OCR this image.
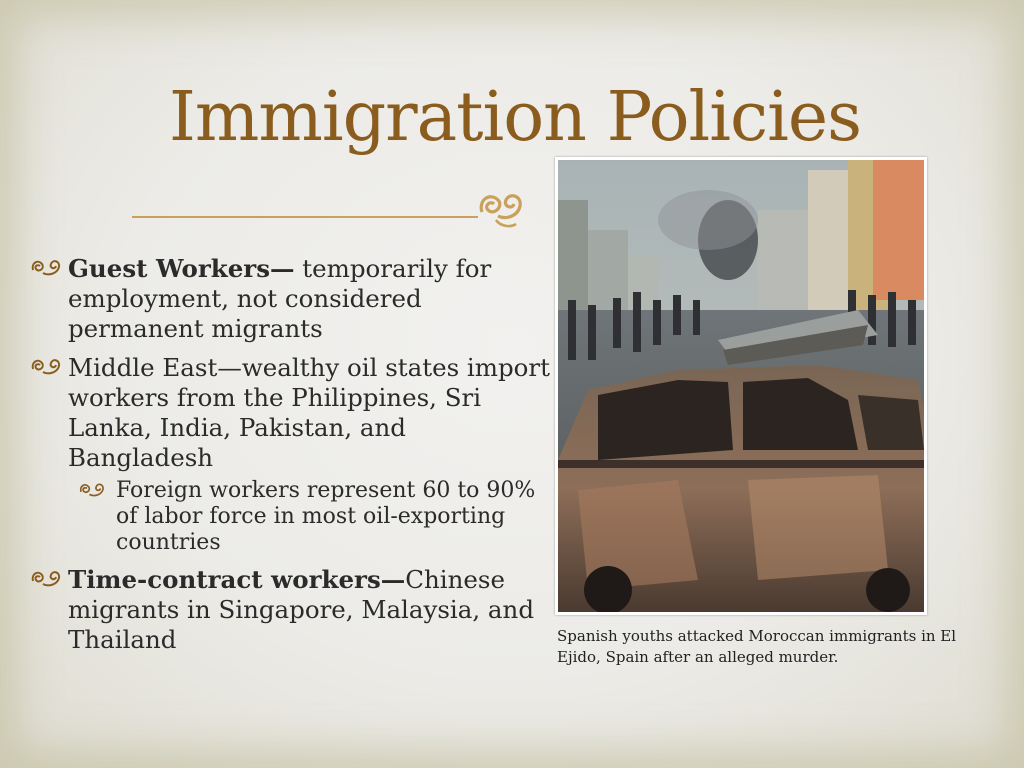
Immigration Policies
Guest Workers— temporarily for employment, not considered permanent migrants
Middle East—wealthy oil states import workers from the Philippines, Sri Lanka, India, Pakistan, and Bangladesh
Foreign workers represent 60 to 90% of labor force in most oil-exporting countries
Time-contract workers—Chinese migrants in Singapore, Malaysia, and Thailand	Spanish youths attacked Moroccan immigrants in El Ejido, Spain after an alleged murder.
